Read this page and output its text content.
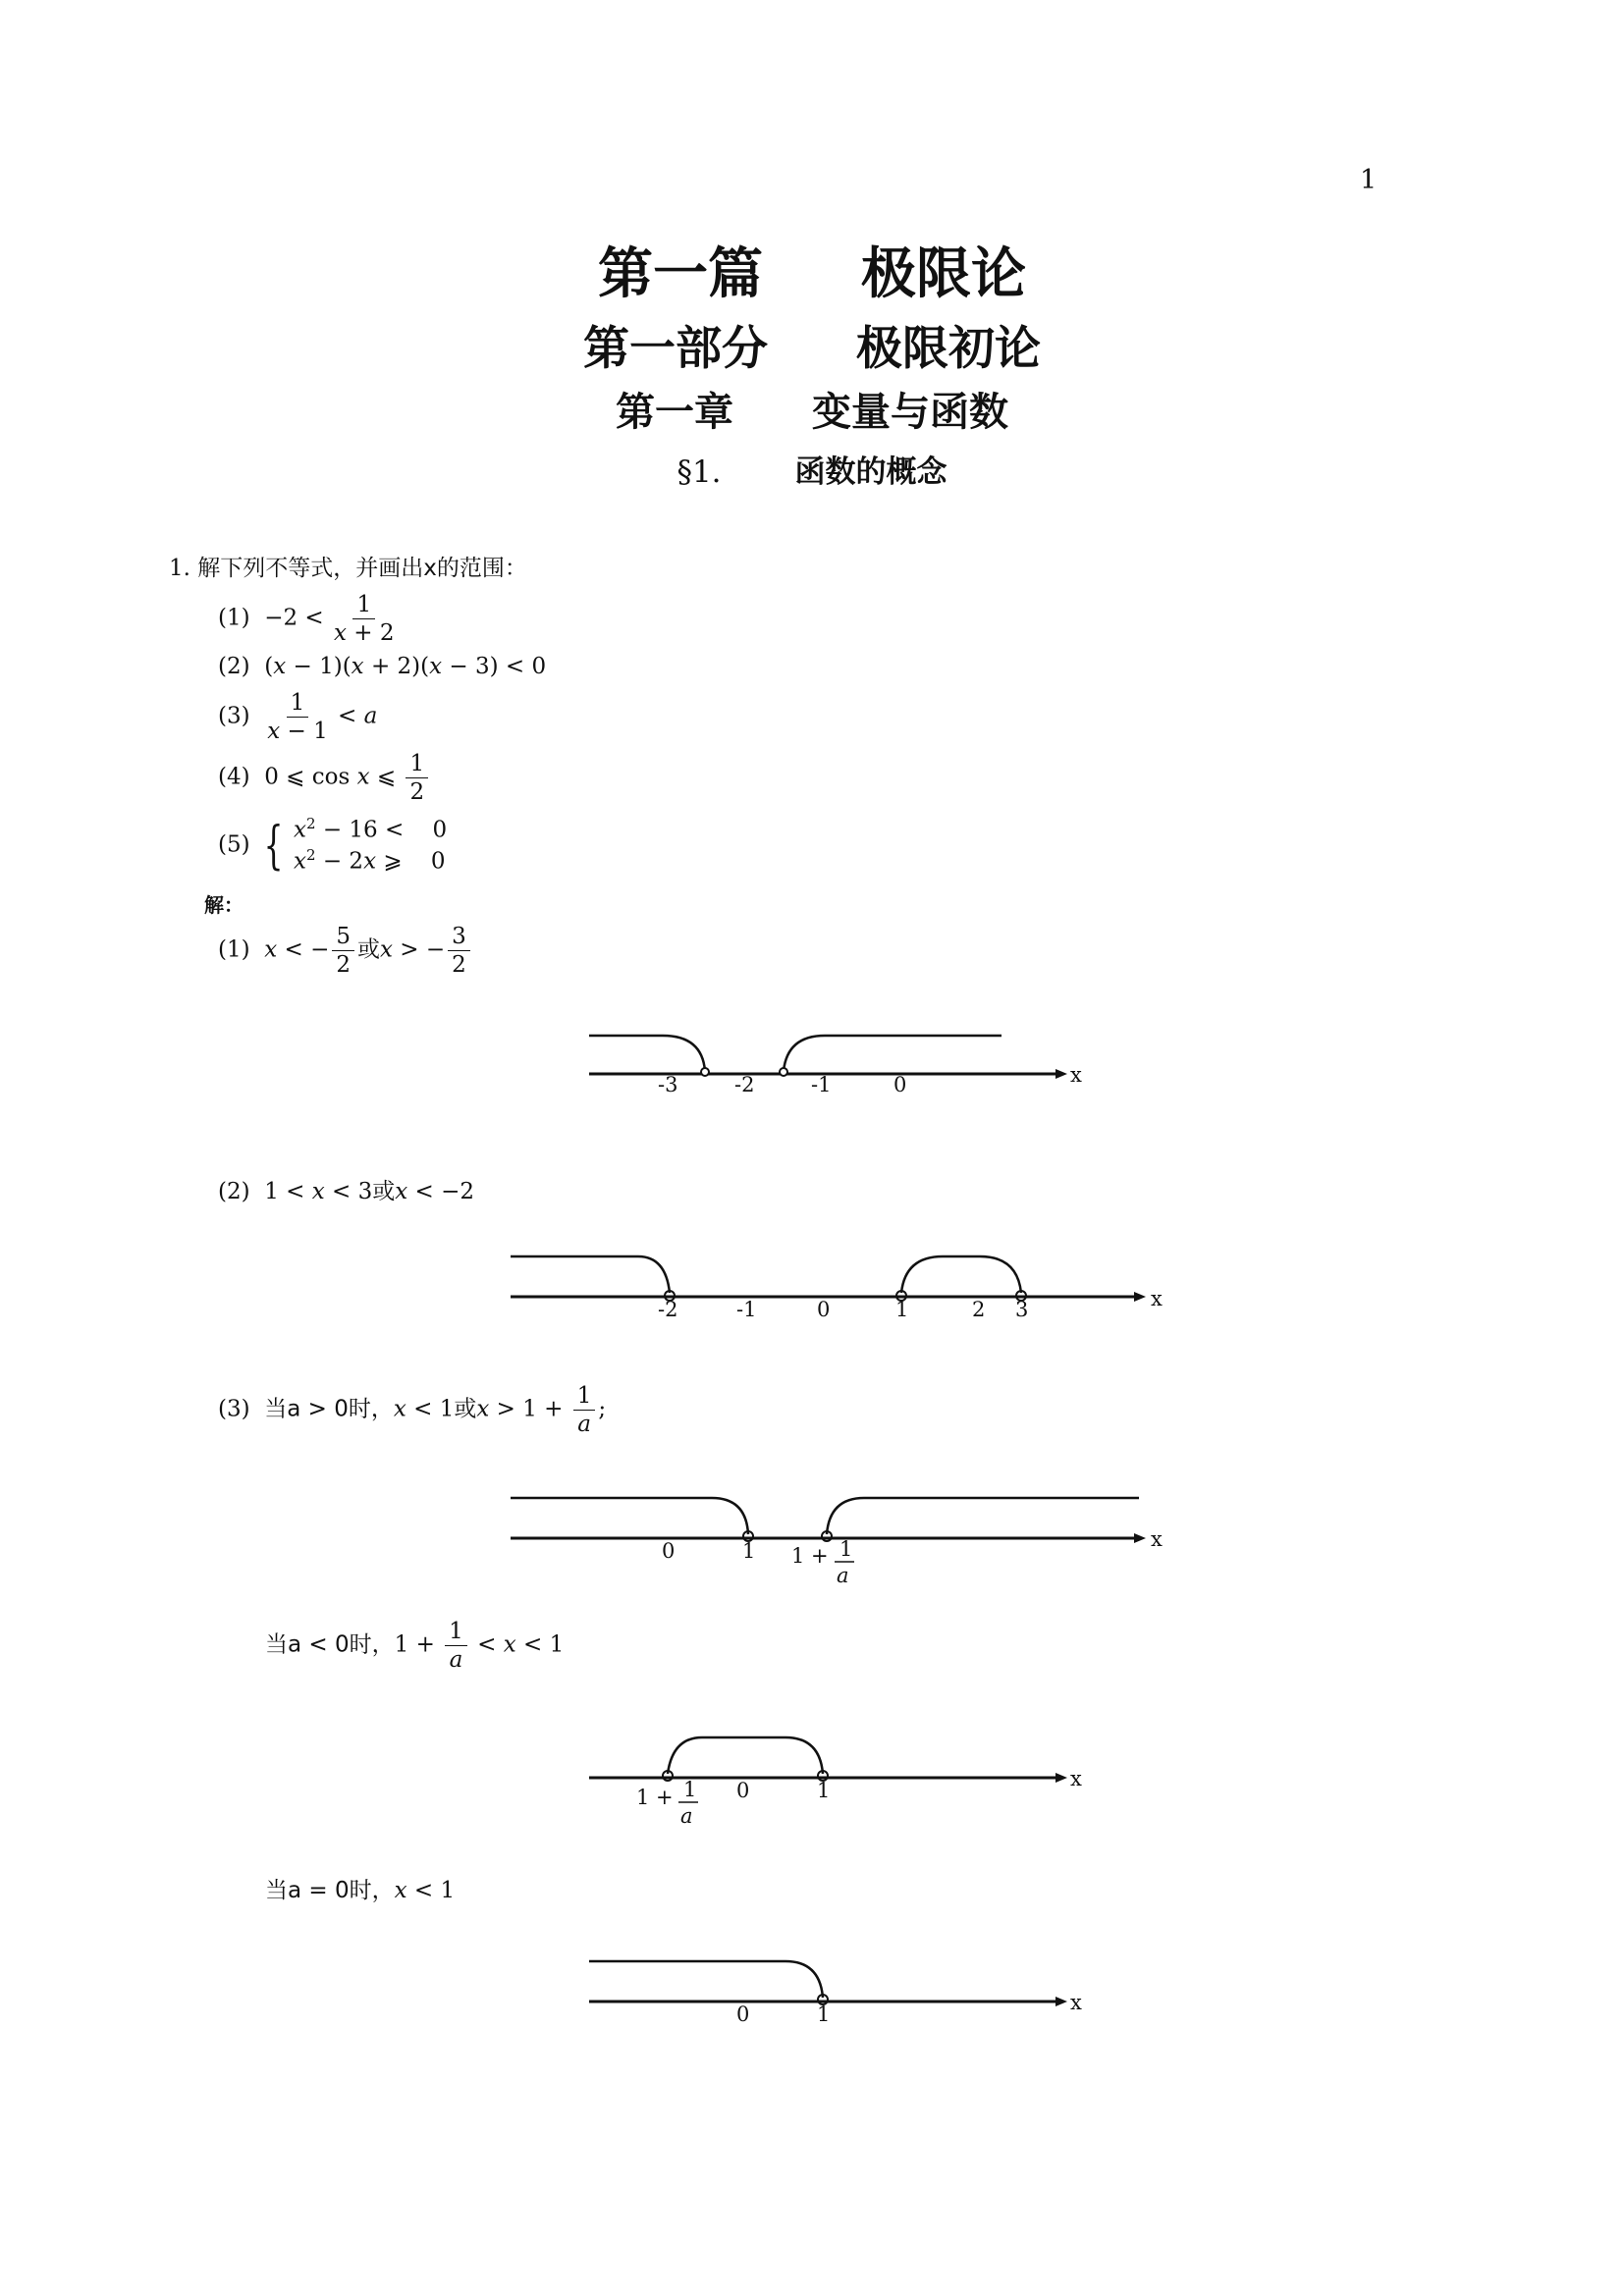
1
第一篇 极限论
第一部分 极限初论
第一章 变量与函数
§1. 函数的概念
1. 解下列不等式，并画出x的范围：
$(1) -2 < \frac{1}{x + 2}$
(2)  (x − 1)(x + 2)(x − 3) < 0
$(3) \frac{1}{x - 1} < a$
(4)  0 ⩽ cos x ⩽ $\frac{1}{2}$
(5) { $x^2 - 16$ <    0
$x^2 - 2x$ ⩾    0
解：
(1) x < − $\frac{5}{2}$ 或x > − $\frac{3}{2}$
-3	-2	-1	0	x
(2)  1 < x < 3或x < −2
-2	-1	0	1	2 3	x
(3) 当a > 0时，x < 1或$x > 1 + \frac{1}{a}$ ;
0	1 1 + 1
a
x
当a < 0时，$1 + \frac{1}{a} < x < 1$
0	1
1 + 1
a
x
当a = 0时，x < 1
0	1	x
